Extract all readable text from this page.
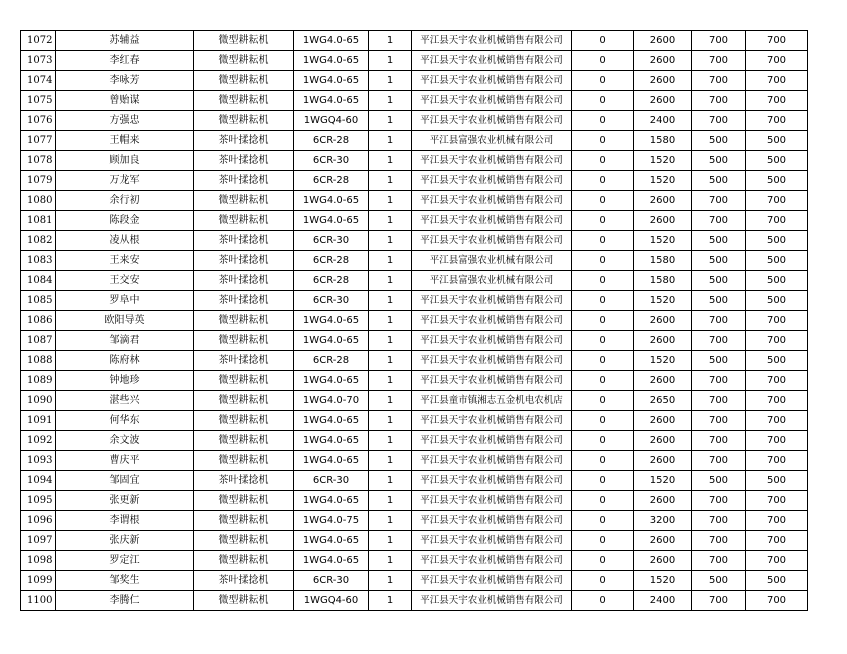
1072	苏辅益	微型耕耘机	1WG4.0-65	1	平江县天宇农业机械销售有限公司	0	2600	700	700
1073	李红春	微型耕耘机	1WG4.0-65	1	平江县天宇农业机械销售有限公司	0	2600	700	700
1074	李咏芳	微型耕耘机	1WG4.0-65	1	平江县天宇农业机械销售有限公司	0	2600	700	700
1075	曾贻谋	微型耕耘机	1WG4.0-65	1	平江县天宇农业机械销售有限公司	0	2600	700	700
1076	方强忠	微型耕耘机	1WGQ4-60	1	平江县天宇农业机械销售有限公司	0	2400	700	700
1077	王帽来	茶叶揉捻机	6CR-28	1	平江县富强农业机械有限公司	0	1580	500	500
1078	顾加良	茶叶揉捻机	6CR-30	1	平江县天宇农业机械销售有限公司	0	1520	500	500
1079	万龙军	茶叶揉捻机	6CR-28	1	平江县天宇农业机械销售有限公司	0	1520	500	500
1080	余行初	微型耕耘机	1WG4.0-65	1	平江县天宇农业机械销售有限公司	0	2600	700	700
1081	陈段金	微型耕耘机	1WG4.0-65	1	平江县天宇农业机械销售有限公司	0	2600	700	700
1082	凌从根	茶叶揉捻机	6CR-30	1	平江县天宇农业机械销售有限公司	0	1520	500	500
1083	王来安	茶叶揉捻机	6CR-28	1	平江县富强农业机械有限公司	0	1580	500	500
1084	王交安	茶叶揉捻机	6CR-28	1	平江县富强农业机械有限公司	0	1580	500	500
1085	罗阜中	茶叶揉捻机	6CR-30	1	平江县天宇农业机械销售有限公司	0	1520	500	500
1086	欧阳导英	微型耕耘机	1WG4.0-65	1	平江县天宇农业机械销售有限公司	0	2600	700	700
1087	邹滴君	微型耕耘机	1WG4.0-65	1	平江县天宇农业机械销售有限公司	0	2600	700	700
1088	陈府林	茶叶揉捻机	6CR-28	1	平江县天宇农业机械销售有限公司	0	1520	500	500
1089	钟地珍	微型耕耘机	1WG4.0-65	1	平江县天宇农业机械销售有限公司	0	2600	700	700
1090	湛些兴	微型耕耘机	1WG4.0-70	1	平江县童市镇湘志五金机电农机店	0	2650	700	700
1091	何华东	微型耕耘机	1WG4.0-65	1	平江县天宇农业机械销售有限公司	0	2600	700	700
1092	余文波	微型耕耘机	1WG4.0-65	1	平江县天宇农业机械销售有限公司	0	2600	700	700
1093	曹庆平	微型耕耘机	1WG4.0-65	1	平江县天宇农业机械销售有限公司	0	2600	700	700
1094	邹固宜	茶叶揉捻机	6CR-30	1	平江县天宇农业机械销售有限公司	0	1520	500	500
1095	张更新	微型耕耘机	1WG4.0-65	1	平江县天宇农业机械销售有限公司	0	2600	700	700
1096	李谓根	微型耕耘机	1WG4.0-75	1	平江县天宇农业机械销售有限公司	0	3200	700	700
1097	张庆新	微型耕耘机	1WG4.0-65	1	平江县天宇农业机械销售有限公司	0	2600	700	700
1098	罗定江	微型耕耘机	1WG4.0-65	1	平江县天宇农业机械销售有限公司	0	2600	700	700
1099	邹奖生	茶叶揉捻机	6CR-30	1	平江县天宇农业机械销售有限公司	0	1520	500	500
1100	李腾仁	微型耕耘机	1WGQ4-60	1	平江县天宇农业机械销售有限公司	0	2400	700	700
